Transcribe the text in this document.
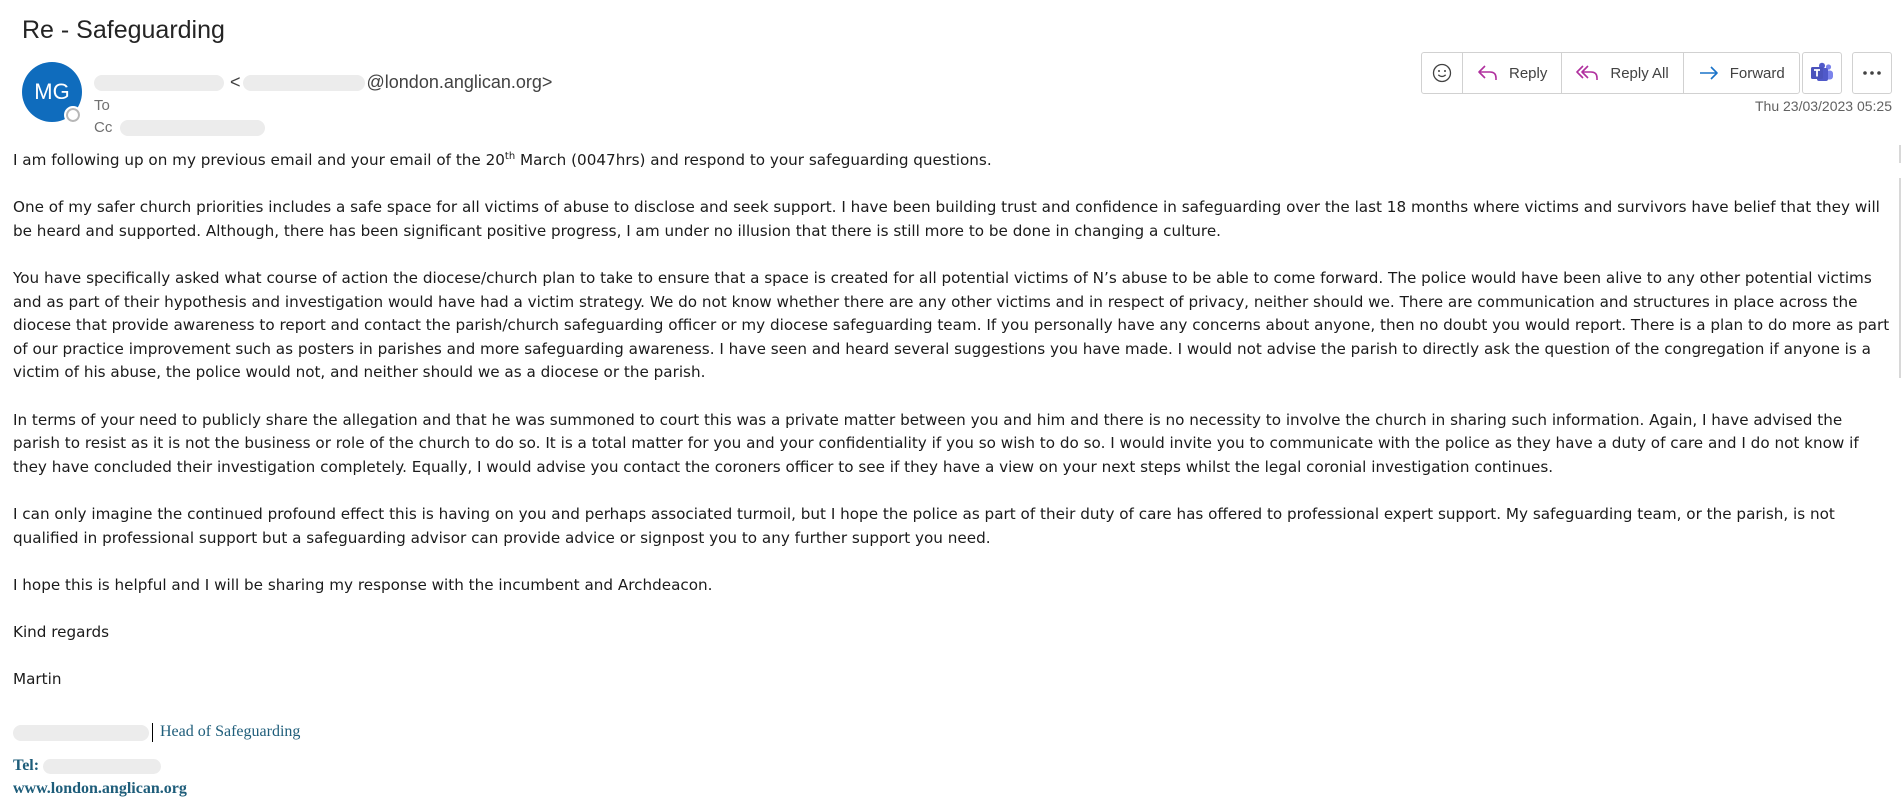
Re - Safeguarding
MG	<	@london.anglican.org>
To
Cc
Reply	Reply All	Forward
Thu 23/03/2023 05:25

I am following up on my previous email and your email of the 20th March (0047hrs) and respond to your safeguarding questions.

One of my safer church priorities includes a safe space for all victims of abuse to disclose and seek support. I have been building trust and confidence in safeguarding over the last 18 months where victims and survivors have belief that they will be heard and supported. Although, there has been significant positive progress, I am under no illusion that there is still more to be done in changing a culture.

You have specifically asked what course of action the diocese/church plan to take to ensure that a space is created for all potential victims of N’s abuse to be able to come forward. The police would have been alive to any other potential victims and as part of their hypothesis and investigation would have had a victim strategy. We do not know whether there are any other victims and in respect of privacy, neither should we. There are communication and structures in place across the diocese that provide awareness to report and contact the parish/church safeguarding officer or my diocese safeguarding team. If you personally have any concerns about anyone, then no doubt you would report. There is a plan to do more as part of our practice improvement such as posters in parishes and more safeguarding awareness. I have seen and heard several suggestions you have made. I would not advise the parish to directly ask the question of the congregation if anyone is a victim of his abuse, the police would not, and neither should we as a diocese or the parish.

In terms of your need to publicly share the allegation and that he was summoned to court this was a private matter between you and him and there is no necessity to involve the church in sharing such information. Again, I have advised the parish to resist as it is not the business or role of the church to do so. It is a total matter for you and your confidentiality if you so wish to do so. I would invite you to communicate with the police as they have a duty of care and I do not know if they have concluded their investigation completely. Equally, I would advise you contact the coroners officer to see if they have a view on your next steps whilst the legal coronial investigation continues.

I can only imagine the continued profound effect this is having on you and perhaps associated turmoil, but I hope the police as part of their duty of care has offered to professional expert support. My safeguarding team, or the parish, is not qualified in professional support but a safeguarding advisor can provide advice or signpost you to any further support you need.

I hope this is helpful and I will be sharing my response with the incumbent and Archdeacon.

Kind regards

Martin

Head of Safeguarding
Tel:
www.london.anglican.org
